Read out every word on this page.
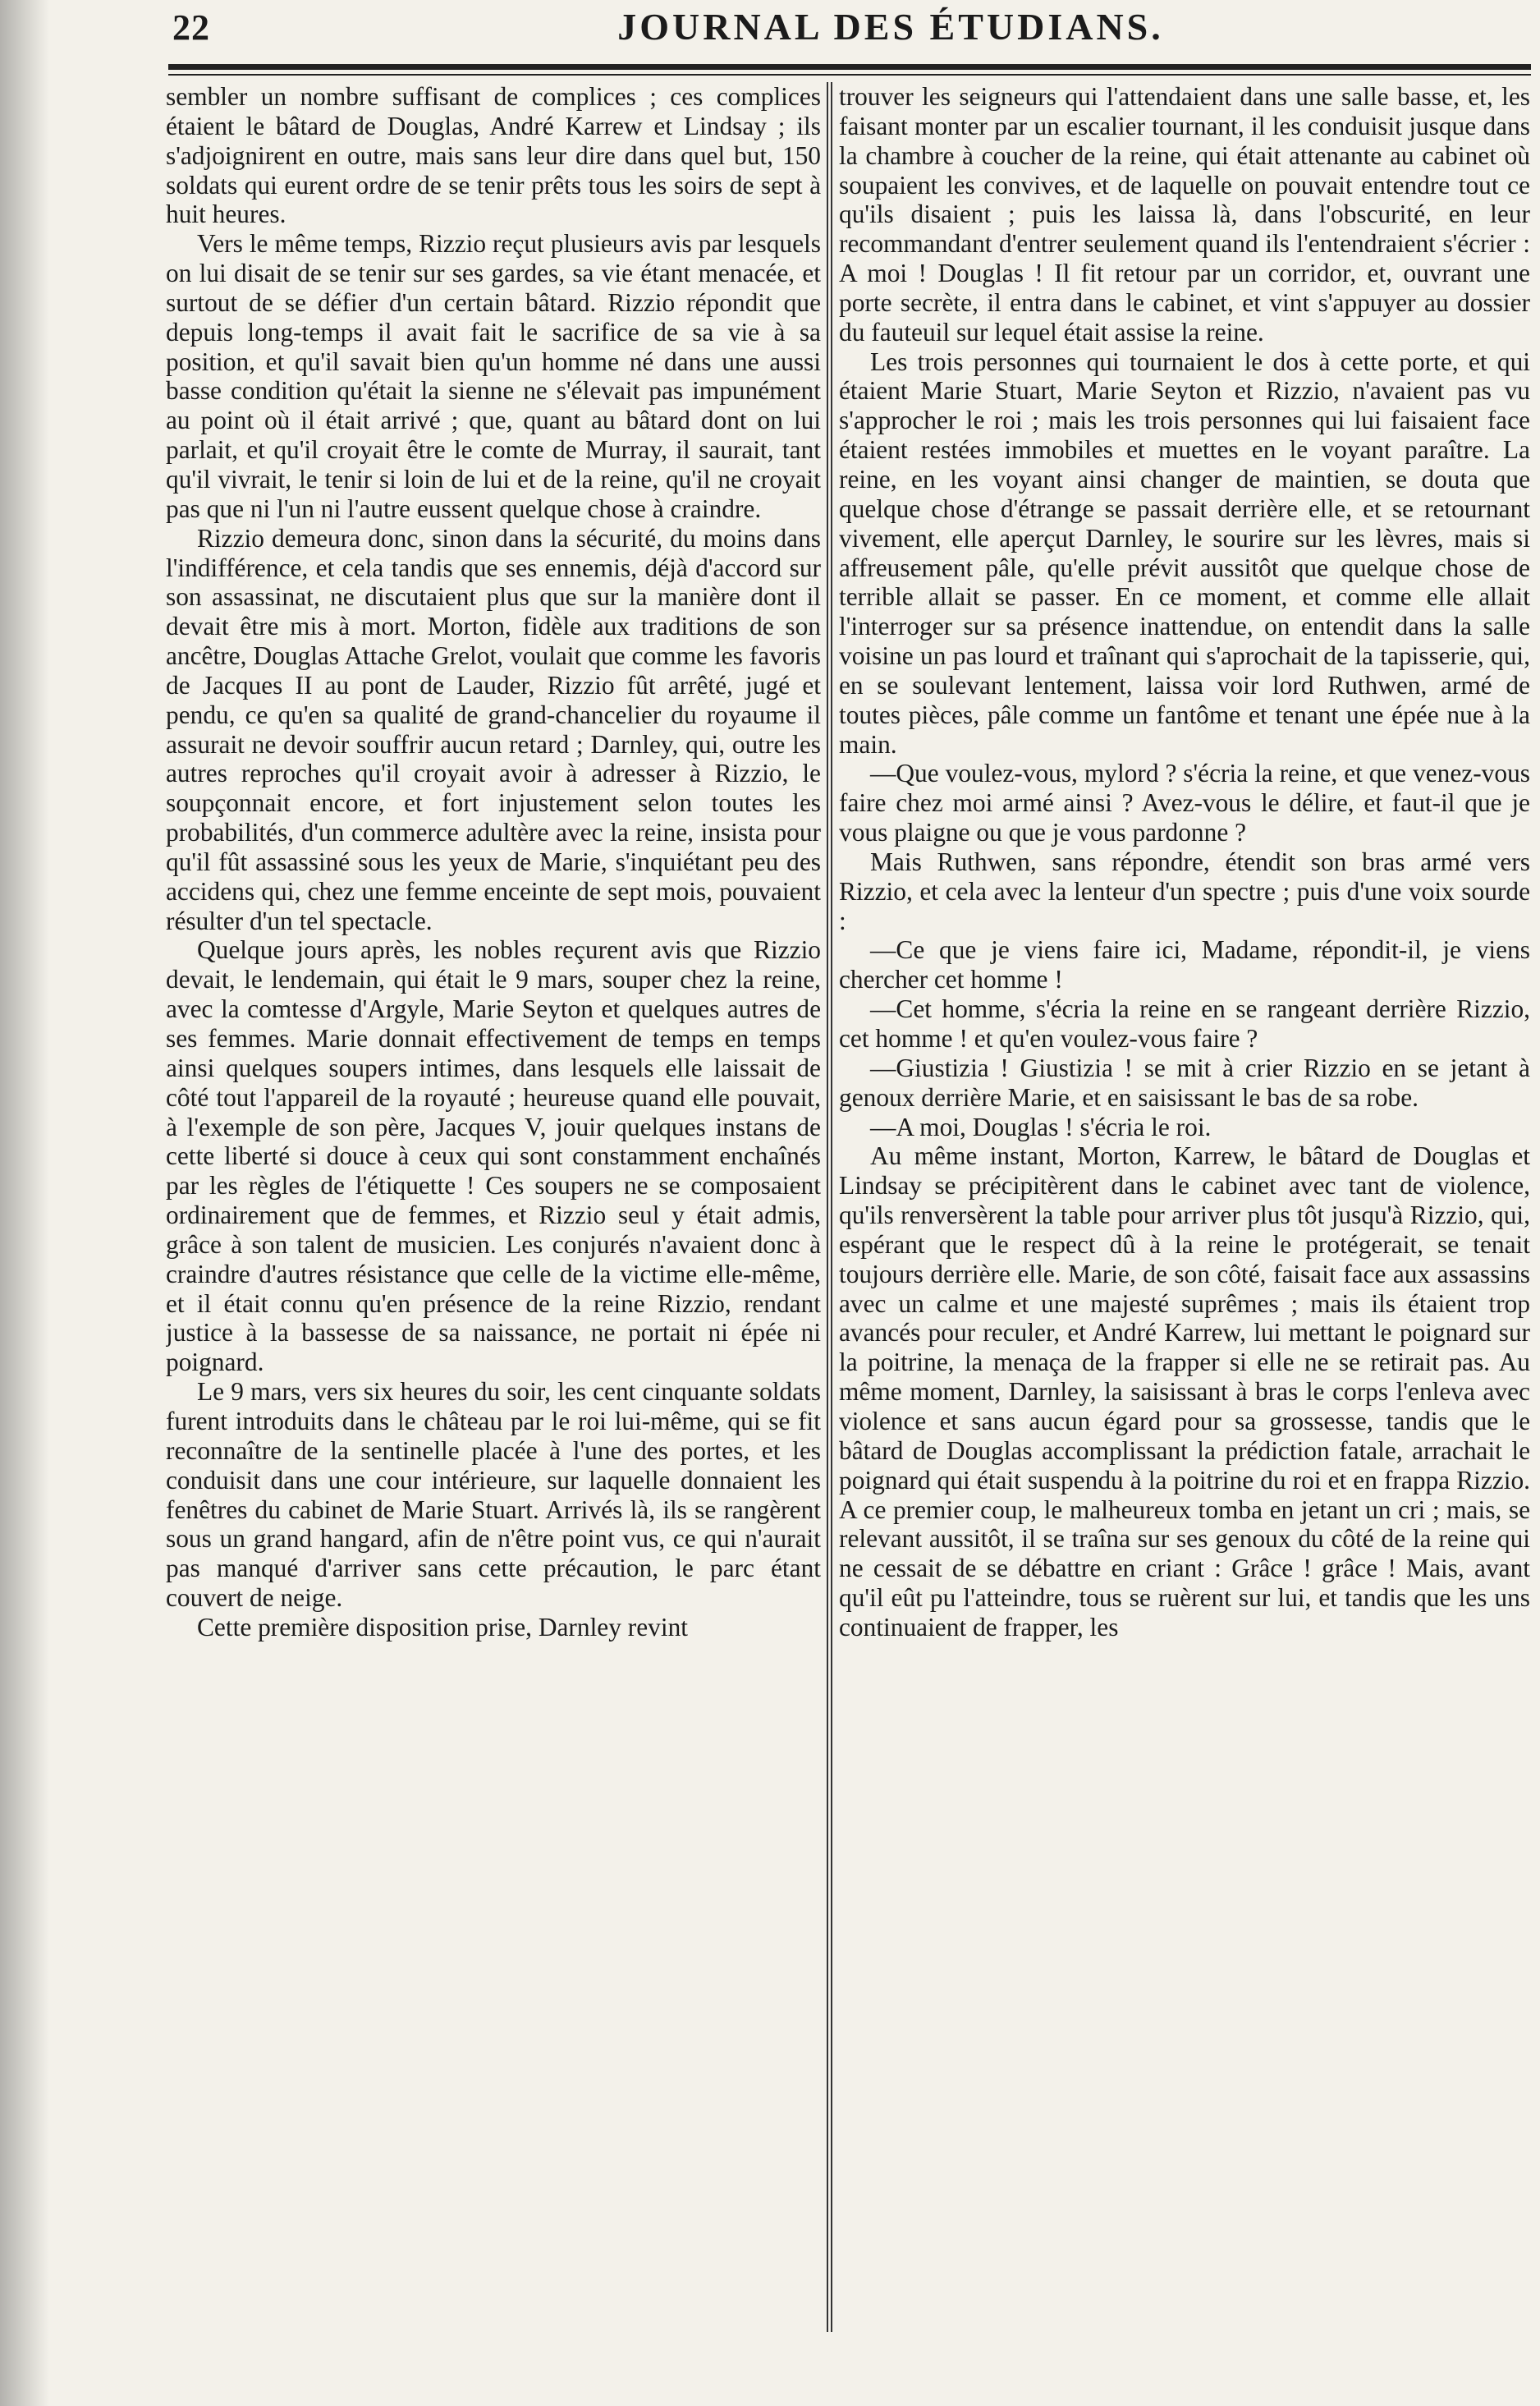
22	JOURNAL DES ÉTUDIANS.

sembler un nombre suffisant de complices ; ces complices étaient le bâtard de Douglas, André Karrew et Lindsay ; ils s'adjoignirent en outre, mais sans leur dire dans quel but, 150 soldats qui eurent ordre de se tenir prêts tous les soirs de sept à huit heures.

Vers le même temps, Rizzio reçut plusieurs avis par lesquels on lui disait de se tenir sur ses gardes, sa vie étant menacée, et surtout de se défier d'un certain bâtard. Rizzio répondit que depuis long-temps il avait fait le sacrifice de sa vie à sa position, et qu'il savait bien qu'un homme né dans une aussi basse condition qu'était la sienne ne s'élevait pas impunément au point où il était arrivé ; que, quant au bâtard dont on lui parlait, et qu'il croyait être le comte de Murray, il saurait, tant qu'il vivrait, le tenir si loin de lui et de la reine, qu'il ne croyait pas que ni l'un ni l'autre eussent quelque chose à craindre.

Rizzio demeura donc, sinon dans la sécurité, du moins dans l'indifférence, et cela tandis que ses ennemis, déjà d'accord sur son assassinat, ne discutaient plus que sur la manière dont il devait être mis à mort. Morton, fidèle aux traditions de son ancêtre, Douglas Attache Grelot, voulait que comme les favoris de Jacques II au pont de Lauder, Rizzio fût arrêté, jugé et pendu, ce qu'en sa qualité de grand-chancelier du royaume il assurait ne devoir souffrir aucun retard ; Darnley, qui, outre les autres reproches qu'il croyait avoir à adresser à Rizzio, le soupçonnait encore, et fort injustement selon toutes les probabilités, d'un commerce adultère avec la reine, insista pour qu'il fût assassiné sous les yeux de Marie, s'inquiétant peu des accidens qui, chez une femme enceinte de sept mois, pouvaient résulter d'un tel spectacle.

Quelque jours après, les nobles reçurent avis que Rizzio devait, le lendemain, qui était le 9 mars, souper chez la reine, avec la comtesse d'Argyle, Marie Seyton et quelques autres de ses femmes. Marie donnait effectivement de temps en temps ainsi quelques soupers intimes, dans lesquels elle laissait de côté tout l'appareil de la royauté ; heureuse quand elle pouvait, à l'exemple de son père, Jacques V, jouir quelques instans de cette liberté si douce à ceux qui sont constamment enchaînés par les règles de l'étiquette ! Ces soupers ne se composaient ordinairement que de femmes, et Rizzio seul y était admis, grâce à son talent de musicien. Les conjurés n'avaient donc à craindre d'autres résistance que celle de la victime elle-même, et il était connu qu'en présence de la reine Rizzio, rendant justice à la bassesse de sa naissance, ne portait ni épée ni poignard.

Le 9 mars, vers six heures du soir, les cent cinquante soldats furent introduits dans le château par le roi lui-même, qui se fit reconnaître de la sentinelle placée à l'une des portes, et les conduisit dans une cour intérieure, sur laquelle donnaient les fenêtres du cabinet de Marie Stuart. Arrivés là, ils se rangèrent sous un grand hangard, afin de n'être point vus, ce qui n'aurait pas manqué d'arriver sans cette précaution, le parc étant couvert de neige.

Cette première disposition prise, Darnley revint

trouver les seigneurs qui l'attendaient dans une salle basse, et, les faisant monter par un escalier tournant, il les conduisit jusque dans la chambre à coucher de la reine, qui était attenante au cabinet où soupaient les convives, et de laquelle on pouvait entendre tout ce qu'ils disaient ; puis les laissa là, dans l'obscurité, en leur recommandant d'entrer seulement quand ils l'entendraient s'écrier : A moi ! Douglas ! Il fit retour par un corridor, et, ouvrant une porte secrète, il entra dans le cabinet, et vint s'appuyer au dossier du fauteuil sur lequel était assise la reine.

Les trois personnes qui tournaient le dos à cette porte, et qui étaient Marie Stuart, Marie Seyton et Rizzio, n'avaient pas vu s'approcher le roi ; mais les trois personnes qui lui faisaient face étaient restées immobiles et muettes en le voyant paraître. La reine, en les voyant ainsi changer de maintien, se douta que quelque chose d'étrange se passait derrière elle, et se retournant vivement, elle aperçut Darnley, le sourire sur les lèvres, mais si affreusement pâle, qu'elle prévit aussitôt que quelque chose de terrible allait se passer. En ce moment, et comme elle allait l'interroger sur sa présence inattendue, on entendit dans la salle voisine un pas lourd et traînant qui s'aprochait de la tapisserie, qui, en se soulevant lentement, laissa voir lord Ruthwen, armé de toutes pièces, pâle comme un fantôme et tenant une épée nue à la main.

—Que voulez-vous, mylord ? s'écria la reine, et que venez-vous faire chez moi armé ainsi ? Avez-vous le délire, et faut-il que je vous plaigne ou que je vous pardonne ?

Mais Ruthwen, sans répondre, étendit son bras armé vers Rizzio, et cela avec la lenteur d'un spectre ; puis d'une voix sourde :

—Ce que je viens faire ici, Madame, répondit-il, je viens chercher cet homme !

—Cet homme, s'écria la reine en se rangeant derrière Rizzio, cet homme ! et qu'en voulez-vous faire ?

—Giustizia ! Giustizia ! se mit à crier Rizzio en se jetant à genoux derrière Marie, et en saisissant le bas de sa robe.

—A moi, Douglas ! s'écria le roi.

Au même instant, Morton, Karrew, le bâtard de Douglas et Lindsay se précipitèrent dans le cabinet avec tant de violence, qu'ils renversèrent la table pour arriver plus tôt jusqu'à Rizzio, qui, espérant que le respect dû à la reine le protégerait, se tenait toujours derrière elle. Marie, de son côté, faisait face aux assassins avec un calme et une majesté suprêmes ; mais ils étaient trop avancés pour reculer, et André Karrew, lui mettant le poignard sur la poitrine, la menaça de la frapper si elle ne se retirait pas. Au même moment, Darnley, la saisissant à bras le corps l'enleva avec violence et sans aucun égard pour sa grossesse, tandis que le bâtard de Douglas accomplissant la prédiction fatale, arrachait le poignard qui était suspendu à la poitrine du roi et en frappa Rizzio. A ce premier coup, le malheureux tomba en jetant un cri ; mais, se relevant aussitôt, il se traîna sur ses genoux du côté de la reine qui ne cessait de se débattre en criant : Grâce ! grâce ! Mais, avant qu'il eût pu l'atteindre, tous se ruèrent sur lui, et tandis que les uns continuaient de frapper, les
